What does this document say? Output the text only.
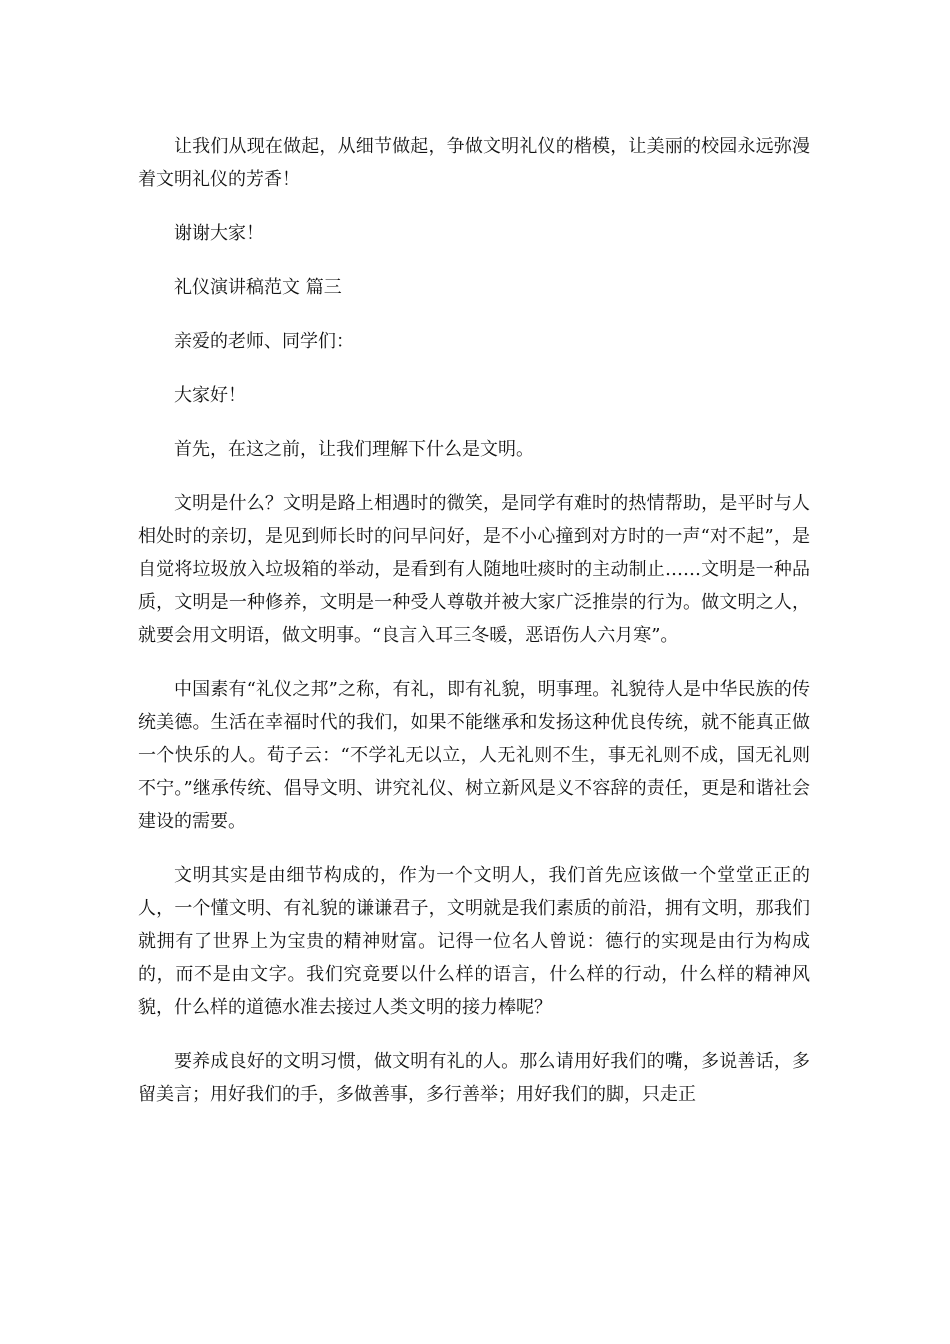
让我们从现在做起，从细节做起，争做文明礼仪的楷模，让美丽的校园永远弥漫着文明礼仪的芳香！

谢谢大家！

礼仪演讲稿范文 篇三

亲爱的老师、同学们：

大家好！

首先，在这之前，让我们理解下什么是文明。

文明是什么？文明是路上相遇时的微笑，是同学有难时的热情帮助，是平时与人相处时的亲切，是见到师长时的问早问好，是不小心撞到对方时的一声“对不起”，是自觉将垃圾放入垃圾箱的举动，是看到有人随地吐痰时的主动制止……文明是一种品质，文明是一种修养，文明是一种受人尊敬并被大家广泛推崇的行为。做文明之人，就要会用文明语，做文明事。“良言入耳三冬暖，恶语伤人六月寒”。

中国素有“礼仪之邦”之称，有礼，即有礼貌，明事理。礼貌待人是中华民族的传统美德。生活在幸福时代的我们，如果不能继承和发扬这种优良传统，就不能真正做一个快乐的人。荀子云：“不学礼无以立，人无礼则不生，事无礼则不成，国无礼则不宁。”继承传统、倡导文明、讲究礼仪、树立新风是义不容辞的责任，更是和谐社会建设的需要。

文明其实是由细节构成的，作为一个文明人，我们首先应该做一个堂堂正正的人，一个懂文明、有礼貌的谦谦君子，文明就是我们素质的前沿，拥有文明，那我们就拥有了世界上为宝贵的精神财富。记得一位名人曾说：德行的实现是由行为构成的，而不是由文字。我们究竟要以什么样的语言，什么样的行动，什么样的精神风貌，什么样的道德水准去接过人类文明的接力棒呢？

要养成良好的文明习惯，做文明有礼的人。那么请用好我们的嘴，多说善话，多留美言；用好我们的手，多做善事，多行善举；用好我们的脚，只走正
